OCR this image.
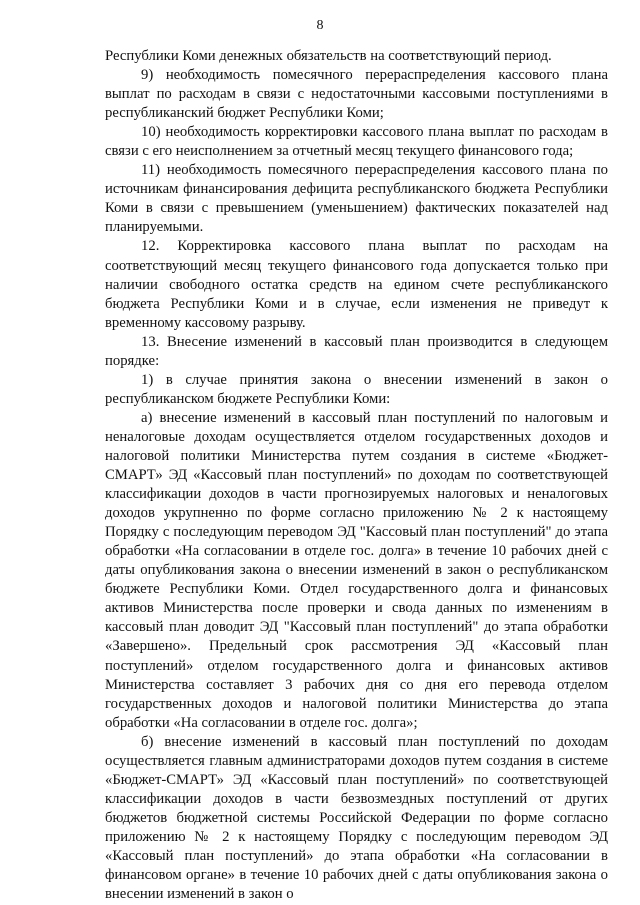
8

Республики Коми денежных обязательств на соответствующий период.

9) необходимость помесячного перераспределения кассового плана выплат по расходам в связи с недостаточными кассовыми поступлениями в республиканский бюджет Республики Коми;

10) необходимость корректировки кассового плана выплат по расходам в связи с его неисполнением за отчетный месяц текущего финансового года;

11) необходимость помесячного перераспределения кассового плана по источникам финансирования дефицита республиканского бюджета Республики Коми в связи с превышением (уменьшением) фактических показателей над планируемыми.

12. Корректировка кассового плана выплат по расходам на соответствующий месяц текущего финансового года допускается только при наличии свободного остатка средств на едином счете республиканского бюджета Республики Коми и в случае, если изменения не приведут к временному кассовому разрыву.

13. Внесение изменений в кассовый план производится в следующем порядке:

1) в случае принятия закона о внесении изменений в закон о республиканском бюджете Республики Коми:

а) внесение изменений в кассовый план поступлений по налоговым и неналоговые доходам осуществляется отделом государственных доходов и налоговой политики Министерства путем создания в системе «Бюджет-СМАРТ» ЭД «Кассовый план поступлений» по доходам по соответствующей классификации доходов в части прогнозируемых налоговых и неналоговых доходов укрупненно по форме согласно приложению № 2 к настоящему Порядку с последующим переводом ЭД "Кассовый план поступлений" до этапа обработки «На согласовании в отделе гос. долга» в течение 10 рабочих дней с даты опубликования закона о внесении изменений в закон о республиканском бюджете Республики Коми. Отдел государственного долга и финансовых активов Министерства после проверки и свода данных по изменениям в кассовый план доводит ЭД "Кассовый план поступлений" до этапа обработки «Завершено». Предельный срок рассмотрения ЭД «Кассовый план поступлений» отделом государственного долга и финансовых активов Министерства составляет 3 рабочих дня со дня его перевода отделом государственных доходов и налоговой политики Министерства до этапа обработки «На согласовании в отделе гос. долга»;

б) внесение изменений в кассовый план поступлений по доходам осуществляется главным администраторами доходов путем создания в системе «Бюджет-СМАРТ» ЭД «Кассовый план поступлений» по соответствующей классификации доходов в части безвозмездных поступлений от других бюджетов бюджетной системы Российской Федерации по форме согласно приложению № 2 к настоящему Порядку с последующим переводом ЭД «Кассовый план поступлений» до этапа обработки «На согласовании в финансовом органе» в течение 10 рабочих дней с даты опубликования закона о внесении изменений в закон о
